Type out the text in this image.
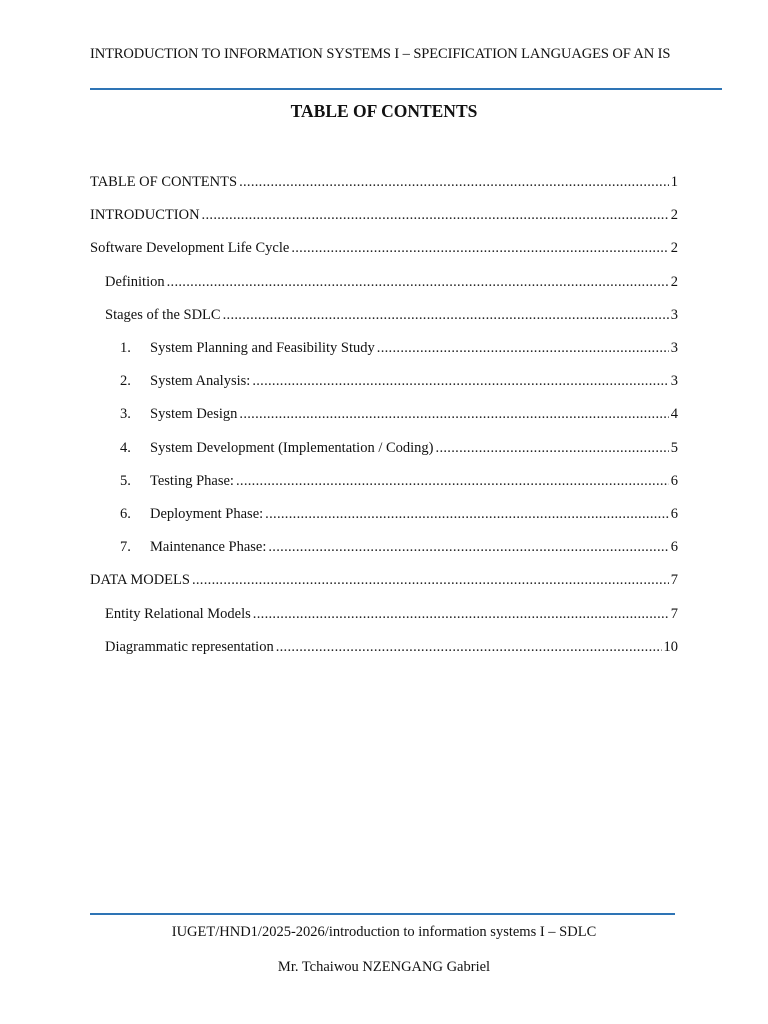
INTRODUCTION TO INFORMATION SYSTEMS I – SPECIFICATION LANGUAGES OF AN IS
TABLE OF CONTENTS
TABLE OF CONTENTS .....	1
INTRODUCTION .....	2
Software Development Life Cycle .....	2
Definition .....	2
Stages of the SDLC .....	3
1.	System Planning and Feasibility Study .....	3
2.	System Analysis: .....	3
3.	System Design .....	4
4.	System Development (Implementation / Coding) .....	5
5.	Testing Phase: .....	6
6.	Deployment Phase: .....	6
7.	Maintenance Phase: .....	6
DATA MODELS .....	7
Entity Relational Models .....	7
Diagrammatic representation .....	10
IUGET/HND1/2025-2026/introduction to information systems I – SDLC
Mr. Tchaiwou NZENGANG Gabriel
